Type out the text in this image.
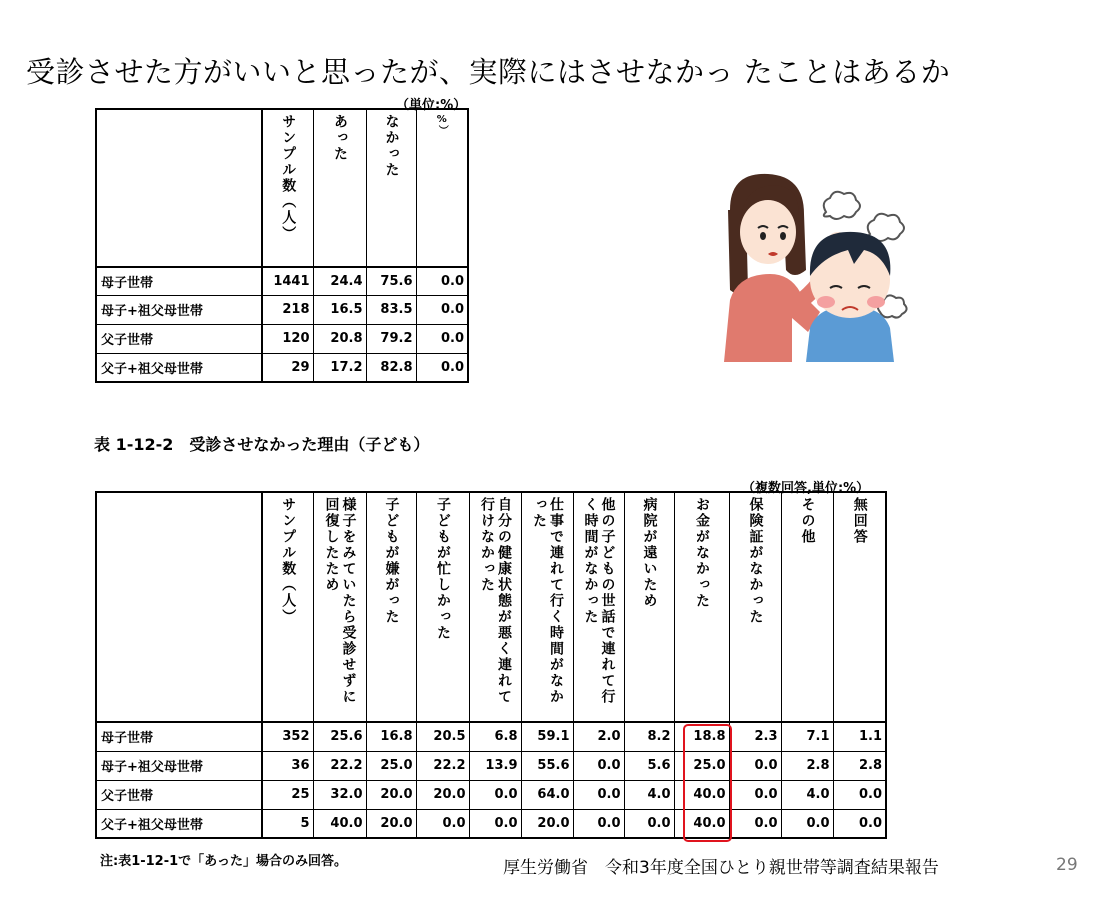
受診させた方がいいと思ったが、実際にはさせなかっ たことはあるか
（単位:%）

	サンプル数（人）	あった	なかった	%）

母子世帯	1441	24.4	75.6	0.0
母子+祖父母世帯	218	16.5	83.5	0.0
父子世帯	120	20.8	79.2	0.0
父子+祖父母世帯	29	17.2	82.8	0.0
表 1-12-2　受診させなかった理由（子ども）
（複数回答,単位:%）

	サンプル数（人）	様子をみていたら受診せずに回復したため	子どもが嫌がった	子どもが忙しかった	自分の健康状態が悪く連れて行けなかった	仕事で連れて行く時間がなかった	他の子どもの世話で連れて行く時間がなかった	病院が遠いため	お金がなかった	保険証がなかった	その他	無回答

母子世帯	352	25.6	16.8	20.5	6.8	59.1	2.0	8.2	18.8	2.3	7.1	1.1
母子+祖父母世帯	36	22.2	25.0	22.2	13.9	55.6	0.0	5.6	25.0	0.0	2.8	2.8
父子世帯	25	32.0	20.0	20.0	0.0	64.0	0.0	4.0	40.0	0.0	4.0	0.0
父子+祖父母世帯	5	40.0	20.0	0.0	0.0	20.0	0.0	0.0	40.0	0.0	0.0	0.0
注:表1-12-1で「あった」場合のみ回答。	厚生労働省　令和3年度全国ひとり親世帯等調査結果報告	29
